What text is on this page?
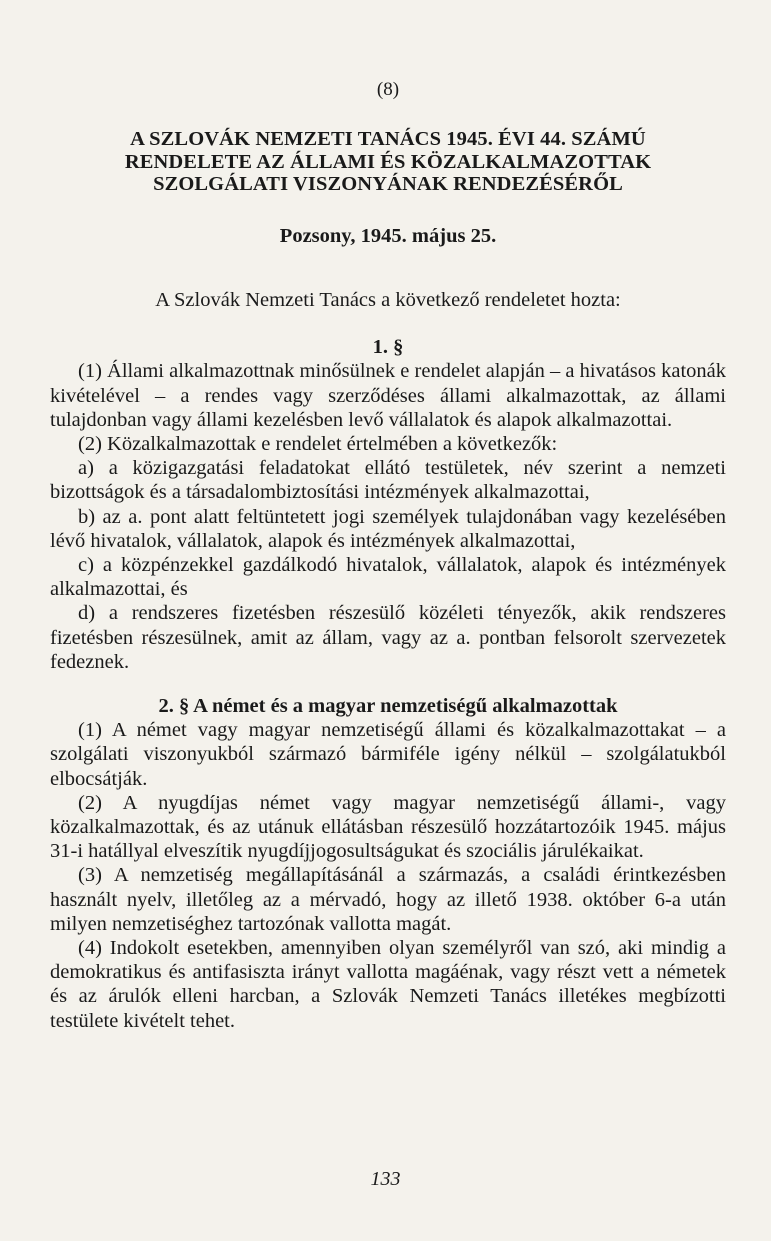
(8)
A SZLOVÁK NEMZETI TANÁCS 1945. ÉVI 44. SZÁMÚ
RENDELETE AZ ÁLLAMI ÉS KÖZALKALMAZOTTAK
SZOLGÁLATI VISZONYÁNAK RENDEZÉSÉRŐL
Pozsony, 1945. május 25.
A Szlovák Nemzeti Tanács a következő rendeletet hozta:
1. §

(1) Állami alkalmazottnak minősülnek e rendelet alapján – a hivatásos katonák kivételével – a rendes vagy szerződéses állami alkalmazottak, az állami tulajdonban vagy állami kezelésben levő vállalatok és alapok alkalmazottai.

(2) Közalkalmazottak e rendelet értelmében a következők:

a) a közigazgatási feladatokat ellátó testületek, név szerint a nemzeti bizottságok és a társadalombiztosítási intézmények alkalmazottai,

b) az a. pont alatt feltüntetett jogi személyek tulajdonában vagy kezelésében lévő hivatalok, vállalatok, alapok és intézmények alkalmazottai,

c) a közpénzekkel gazdálkodó hivatalok, vállalatok, alapok és intézmények alkalmazottai, és

d) a rendszeres fizetésben részesülő közéleti tényezők, akik rendszeres fizetésben részesülnek, amit az állam, vagy az a. pontban felsorolt szervezetek fedeznek.

2. § A német és a magyar nemzetiségű alkalmazottak

(1) A német vagy magyar nemzetiségű állami és közalkalmazottakat – a szolgálati viszonyukból származó bármiféle igény nélkül – szolgálatukból elbocsátják.

(2) A nyugdíjas német vagy magyar nemzetiségű állami-, vagy közalkalmazottak, és az utánuk ellátásban részesülő hozzátartozóik 1945. május 31-i hatállyal elveszítik nyugdíjjogosultságukat és szociális járulékaikat.

(3) A nemzetiség megállapításánál a származás, a családi érintkezésben használt nyelv, illetőleg az a mérvadó, hogy az illető 1938. október 6-a után milyen nemzetiséghez tartozónak vallotta magát.

(4) Indokolt esetekben, amennyiben olyan személyről van szó, aki mindig a demokratikus és antifasiszta irányt vallotta magáénak, vagy részt vett a németek és az árulók elleni harcban, a Szlovák Nemzeti Tanács illetékes megbízotti testülete kivételt tehet.

133
